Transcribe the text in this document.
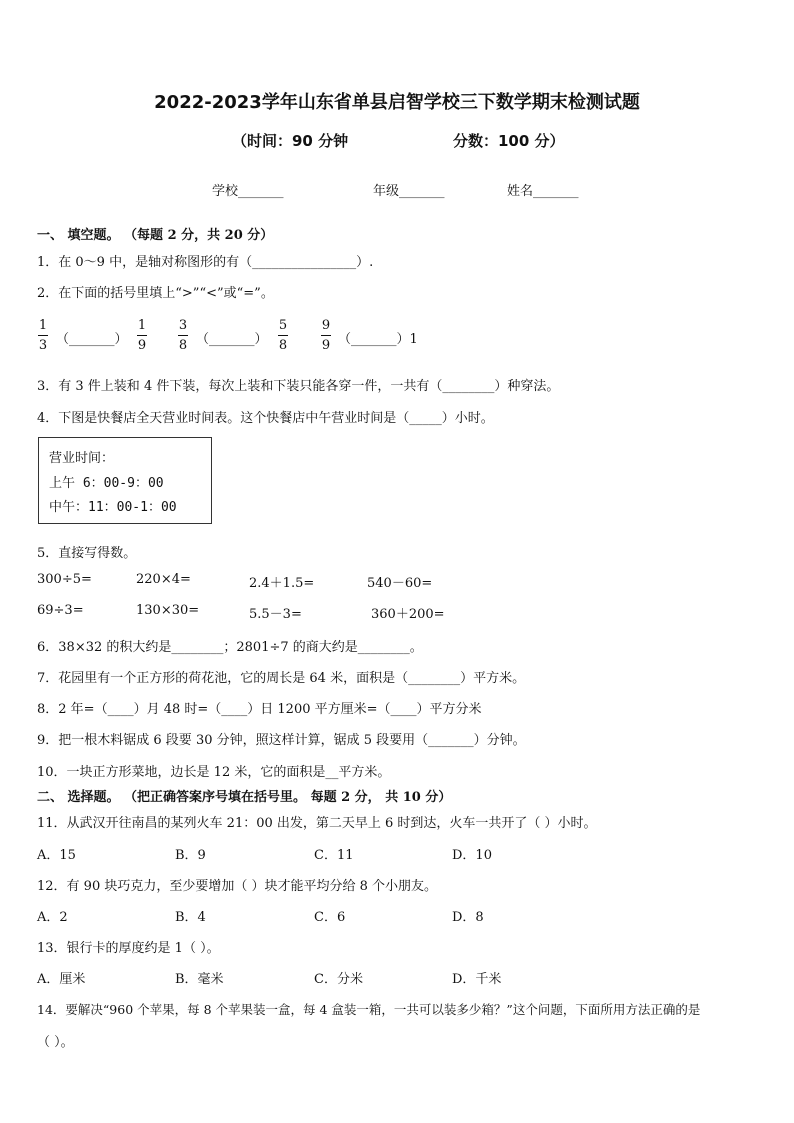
2022-2023学年山东省单县启智学校三下数学期末检测试题
（时间：90 分钟	分数：100 分）
学校_______	年级_______	姓名_______
一、 填空题。 （每题 2 分，共 20 分）
1．在 0～9 中，是轴对称图形的有（________________）.
2．在下面的括号里填上“>”“<”或“=”。
1
3 （_______）
1
9
3
8 （_______）
5
8
9
9 （_______）1
3．有 3 件上装和 4 件下装，每次上装和下装只能各穿一件，一共有（________）种穿法。
4．下图是快餐店全天营业时间表。这个快餐店中午营业时间是（_____）小时。
营业时间：
上午 6：00-9：00
中午：11：00-1：00
5．直接写得数。
300÷5=	220×4=	2.4＋1.5=	540－60=
69÷3=	130×30=	5.5－3=	360＋200=
6．38×32 的积大约是________；2801÷7 的商大约是________。
7．花园里有一个正方形的荷花池，它的周长是 64 米，面积是（________）平方米。
8．2 年=（____）月 48 时=（____）日 1200 平方厘米=（____）平方分米
9．把一根木料锯成 6 段要 30 分钟，照这样计算，锯成 5 段要用（_______）分钟。
10．一块正方形菜地，边长是 12 米，它的面积是__平方米。
二、 选择题。 （把正确答案序号填在括号里。 每题 2 分， 共 10 分）
11．从武汉开往南昌的某列火车 21：00 出发，第二天早上 6 时到达，火车一共开了（ ）小时。
A．15	B．9	C．11	D．10
12．有 90 块巧克力，至少要增加（ ）块才能平均分给 8 个小朋友。
A．2	B．4	C．6	D．8
13．银行卡的厚度约是 1（ ）。
A．厘米	B．毫米	C．分米	D．千米
14．要解决“960 个苹果，每 8 个苹果装一盒，每 4 盒装一箱，一共可以装多少箱？”这个问题，下面所用方法正确的是
（ ）。
